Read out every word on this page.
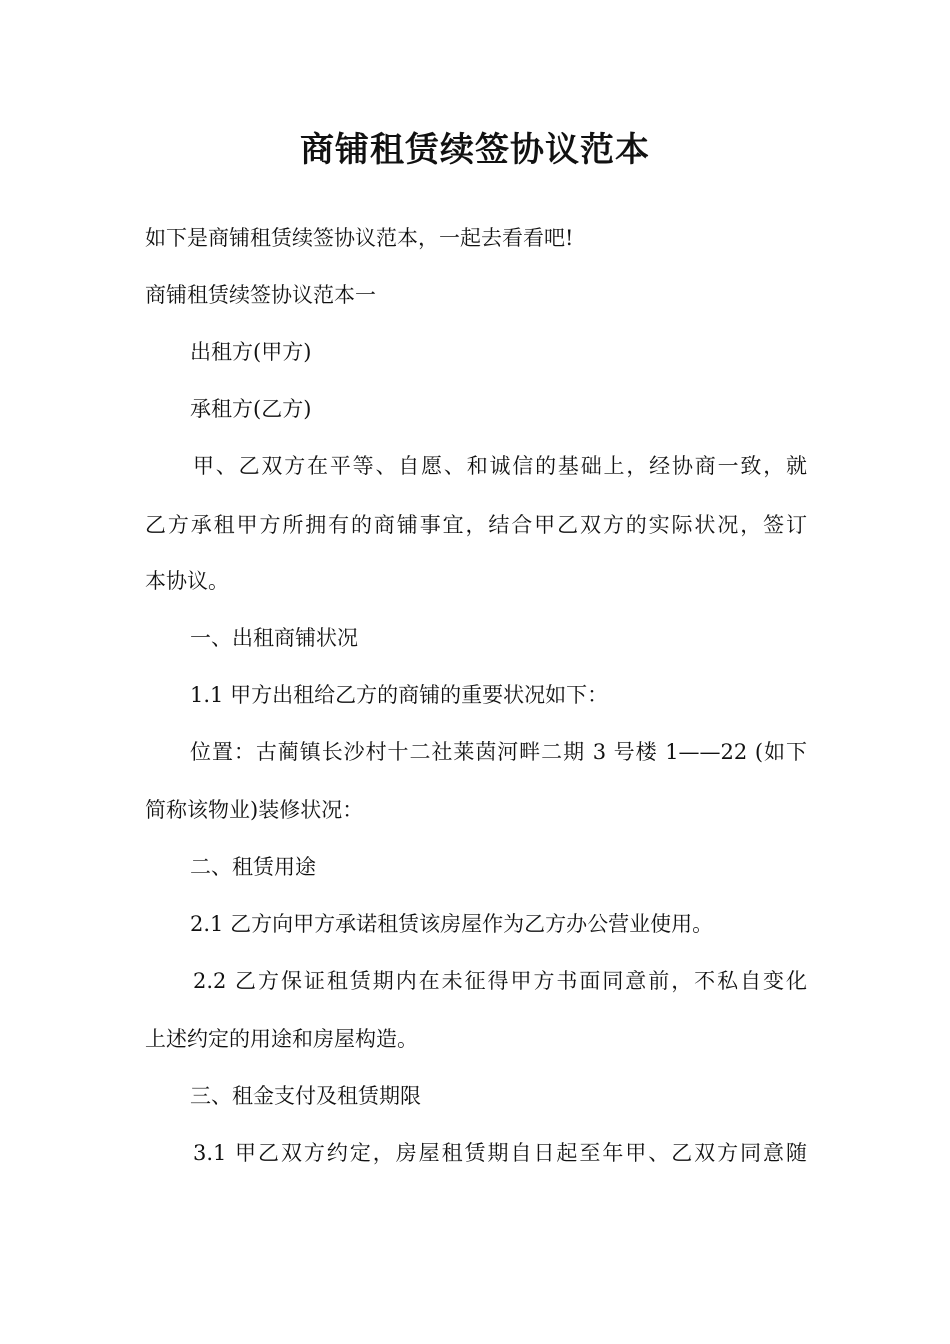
商铺租赁续签协议范本
如下是商铺租赁续签协议范本，一起去看看吧!
商铺租赁续签协议范本一
出租方(甲方)
承租方(乙方)
甲、乙双方在平等、自愿、和诚信的基础上，经协商一致，就
乙方承租甲方所拥有的商铺事宜，结合甲乙双方的实际状况，签订
本协议。
一、出租商铺状况
1.1 甲方出租给乙方的商铺的重要状况如下：
位置：古蔺镇长沙村十二社莱茵河畔二期 3 号楼 1——22 (如下
简称该物业)装修状况：
二、租赁用途
2.1 乙方向甲方承诺租赁该房屋作为乙方办公营业使用。
2.2 乙方保证租赁期内在未征得甲方书面同意前，不私自变化
上述约定的用途和房屋构造。
三、租金支付及租赁期限
3.1 甲乙双方约定，房屋租赁期自日起至年甲、乙双方同意随
